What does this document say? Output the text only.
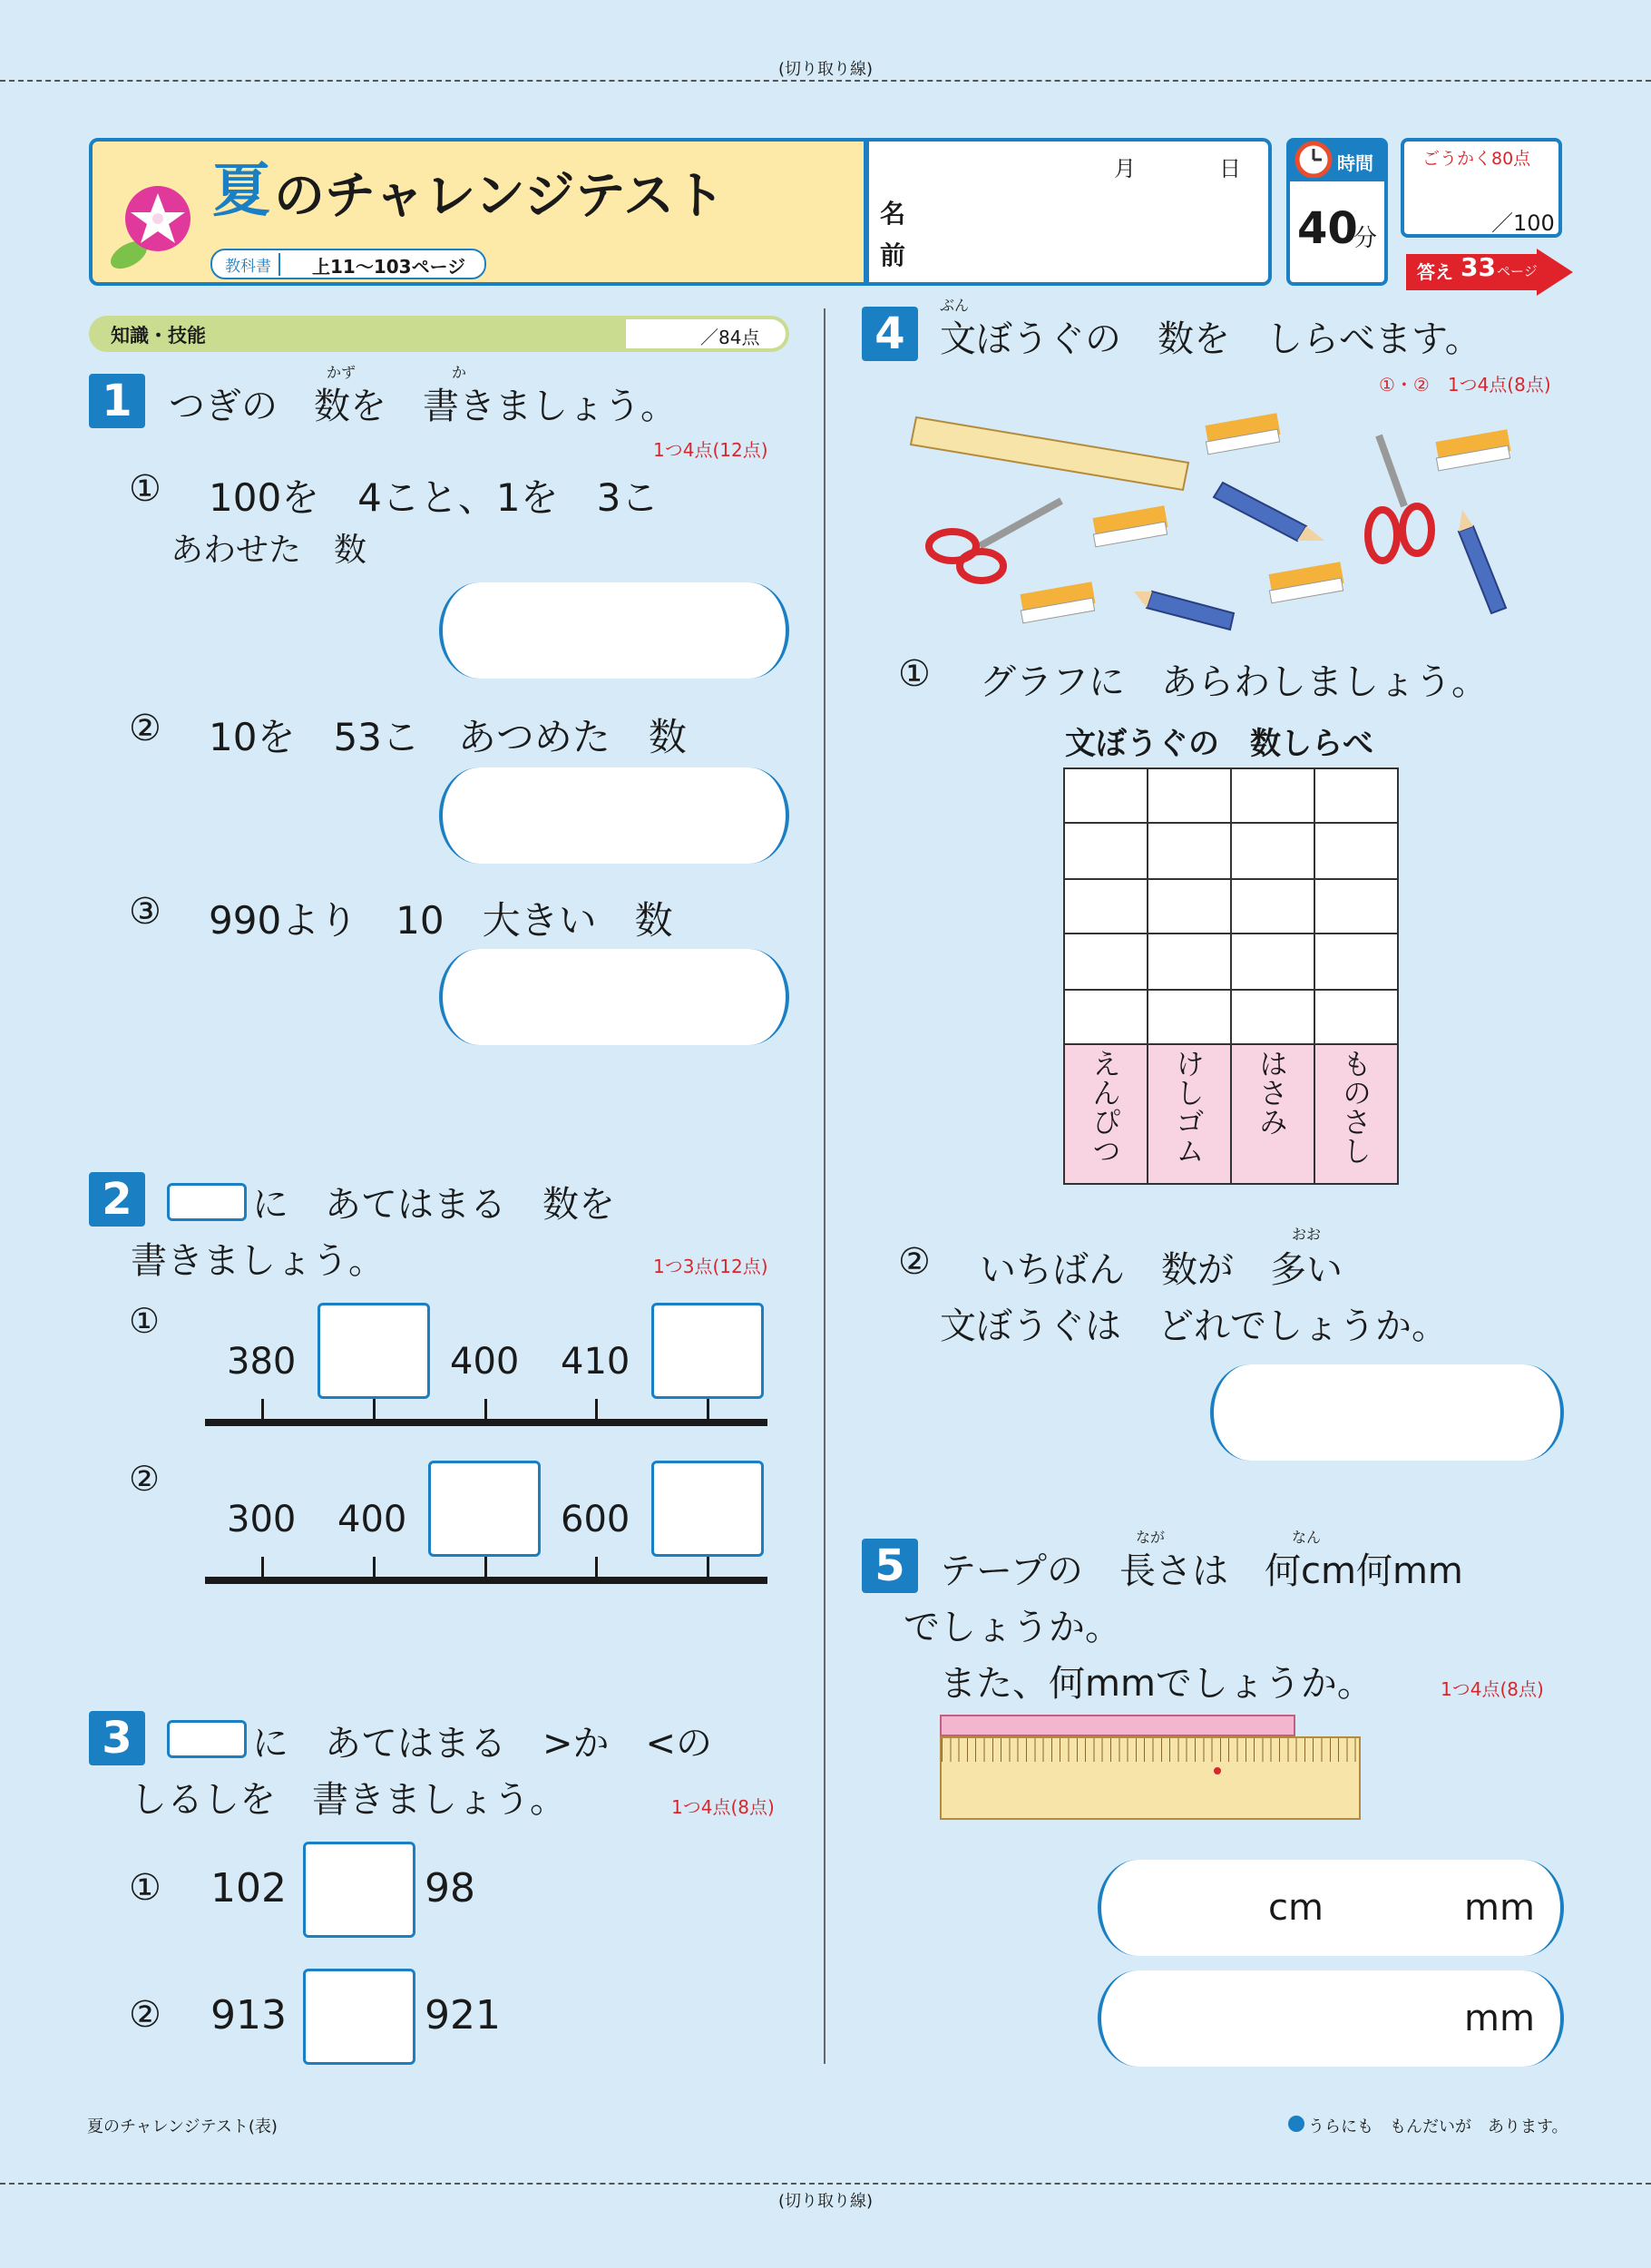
(切り取り線)
(切り取り線)
夏 のチャレンジテスト
教科書	上11〜103ページ
月	日
名
前
時間
40
分
ごうかく80点
／100
答え 33 ページ
知識・技能	／84点
1
かず	か
つぎの　 数を　 書きましょう。
1つ4点(12点)
① 100を　4こと、1を　3こ
あわせた　数
② 10を　53こ　あつめた　数
③ 990より　10　大きい　数
2	に　あてはまる　数を
書きましょう。	1つ3点(12点)
①
380	400 410
②
300 400	600
3	に　あてはまる　>か　<の
しるしを　書きましょう。	1つ4点(8点)
① 102	98
② 913	921
4
ぶん
文ぼうぐの　数を　しらべます。
①・②　1つ4点(8点)
① グラフに　あらわしましょう。
文ぼうぐの　数しらべ
えんぴつ けしゴム はさみ ものさし
②
おお
いちばん　数が　多い
文ぼうぐは　どれでしょうか。
5
なが	なん
テープの　長さは　何cm何mm
でしょうか。
また、何mmでしょうか。	1つ4点(8点)
cm	mm
mm
夏のチャレンジテスト(表)	うらにも　もんだいが　あります。
